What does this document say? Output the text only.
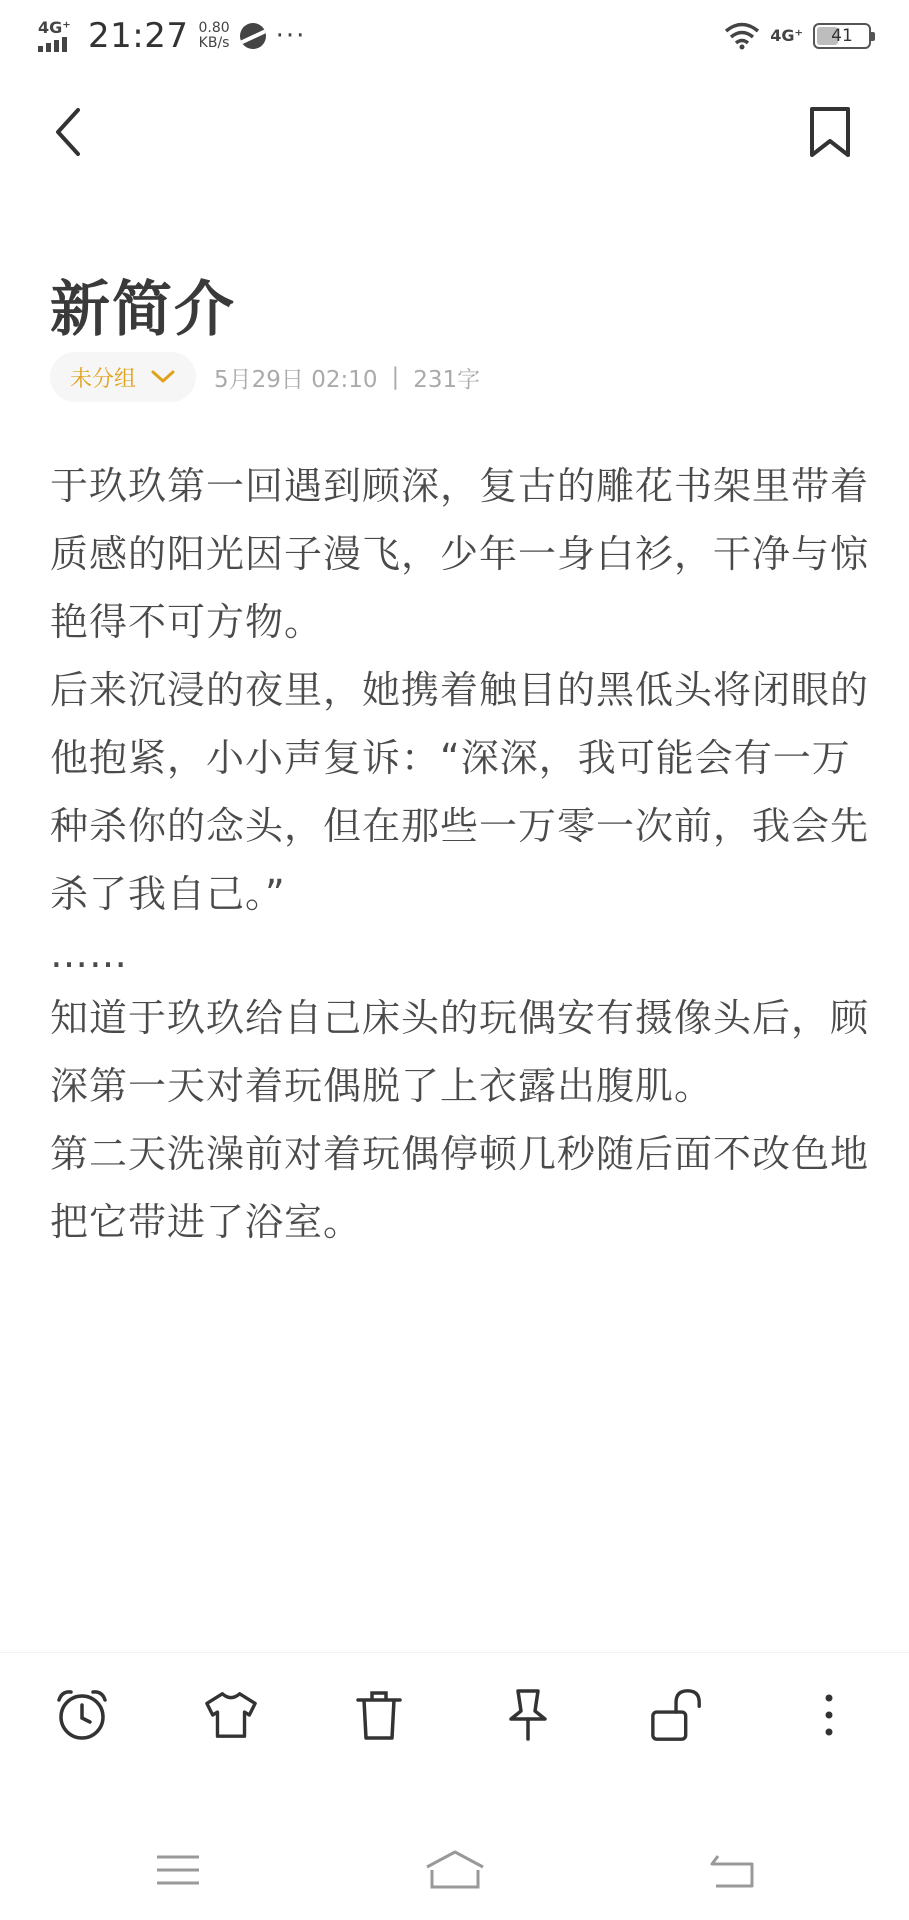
4G⁺ 21:27 0.80
KB/s ···	4G⁺ 41
新简介
未分组	5月29日 02:10 | 231字

于玖玖第一回遇到顾深，复古的雕花书架里带着质感的阳光因子漫飞，少年一身白衫，干净与惊艳得不可方物。

后来沉浸的夜里，她携着触目的黑低头将闭眼的他抱紧，小小声复诉：“深深，我可能会有一万种杀你的念头，但在那些一万零一次前，我会先杀了我自己。”

……

知道于玖玖给自己床头的玩偶安有摄像头后，顾深第一天对着玩偶脱了上衣露出腹肌。

第二天洗澡前对着玩偶停顿几秒随后面不改色地把它带进了浴室。
